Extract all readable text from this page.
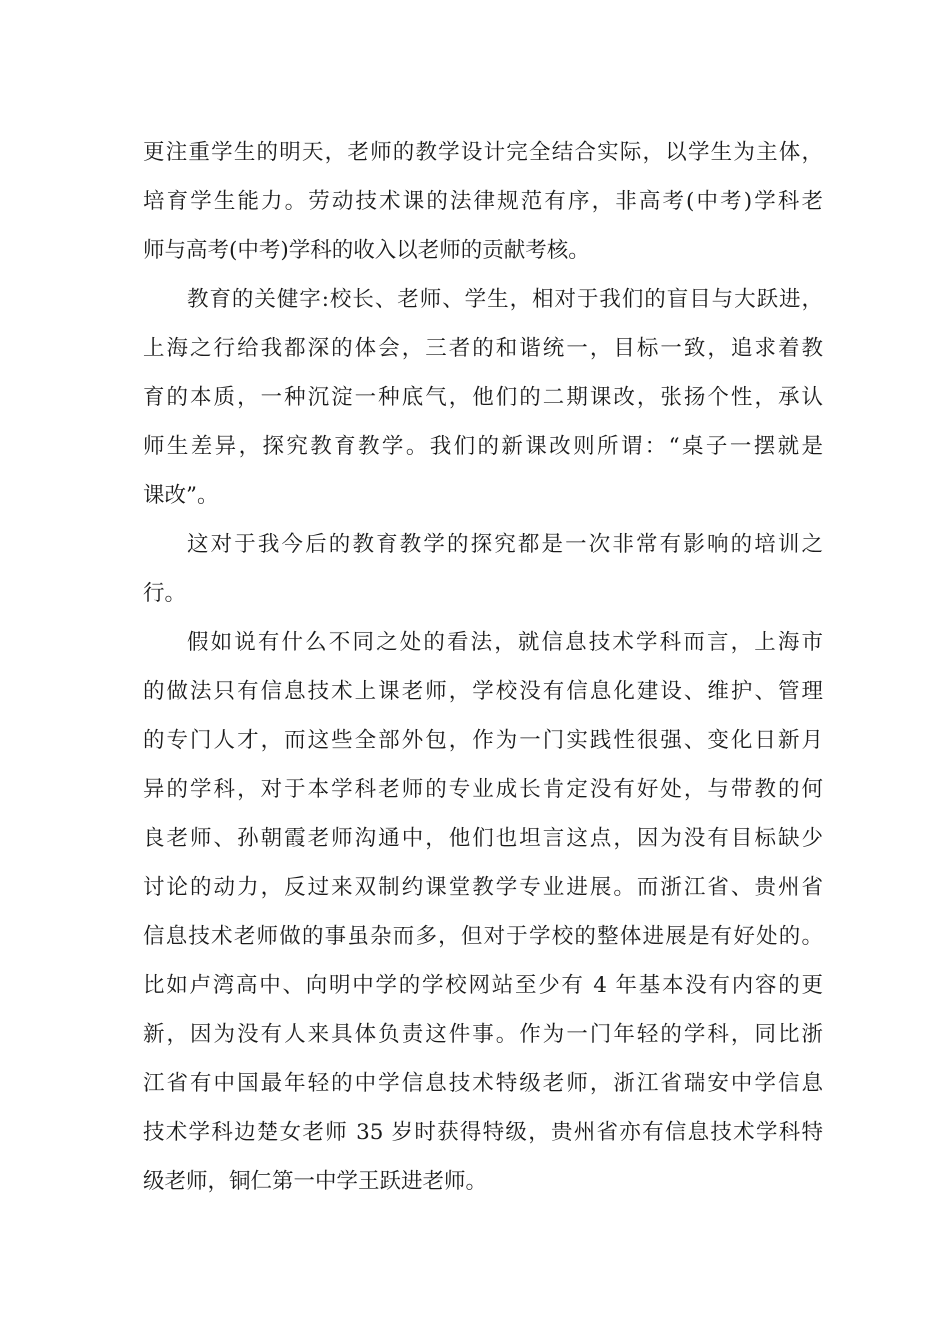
更注重学生的明天，老师的教学设计完全结合实际，以学生为主体，
培育学生能力。劳动技术课的法律规范有序，非高考(中考)学科老
师与高考(中考)学科的收入以老师的贡献考核。
教育的关健字:校长、老师、学生，相对于我们的盲目与大跃进，
上海之行给我都深的体会，三者的和谐统一，目标一致，追求着教
育的本质，一种沉淀一种底气，他们的二期课改，张扬个性，承认
师生差异，探究教育教学。我们的新课改则所谓：“桌子一摆就是
课改”。
这对于我今后的教育教学的探究都是一次非常有影响的培训之
行。
假如说有什么不同之处的看法，就信息技术学科而言，上海市
的做法只有信息技术上课老师，学校没有信息化建设、维护、管理
的专门人才，而这些全部外包，作为一门实践性很强、变化日新月
异的学科，对于本学科老师的专业成长肯定没有好处，与带教的何
良老师、孙朝霞老师沟通中，他们也坦言这点，因为没有目标缺少
讨论的动力，反过来双制约课堂教学专业进展。而浙江省、贵州省
信息技术老师做的事虽杂而多，但对于学校的整体进展是有好处的。
比如卢湾高中、向明中学的学校网站至少有 4 年基本没有内容的更
新，因为没有人来具体负责这件事。作为一门年轻的学科，同比浙
江省有中国最年轻的中学信息技术特级老师，浙江省瑞安中学信息
技术学科边楚女老师 35 岁时获得特级，贵州省亦有信息技术学科特
级老师，铜仁第一中学王跃进老师。
